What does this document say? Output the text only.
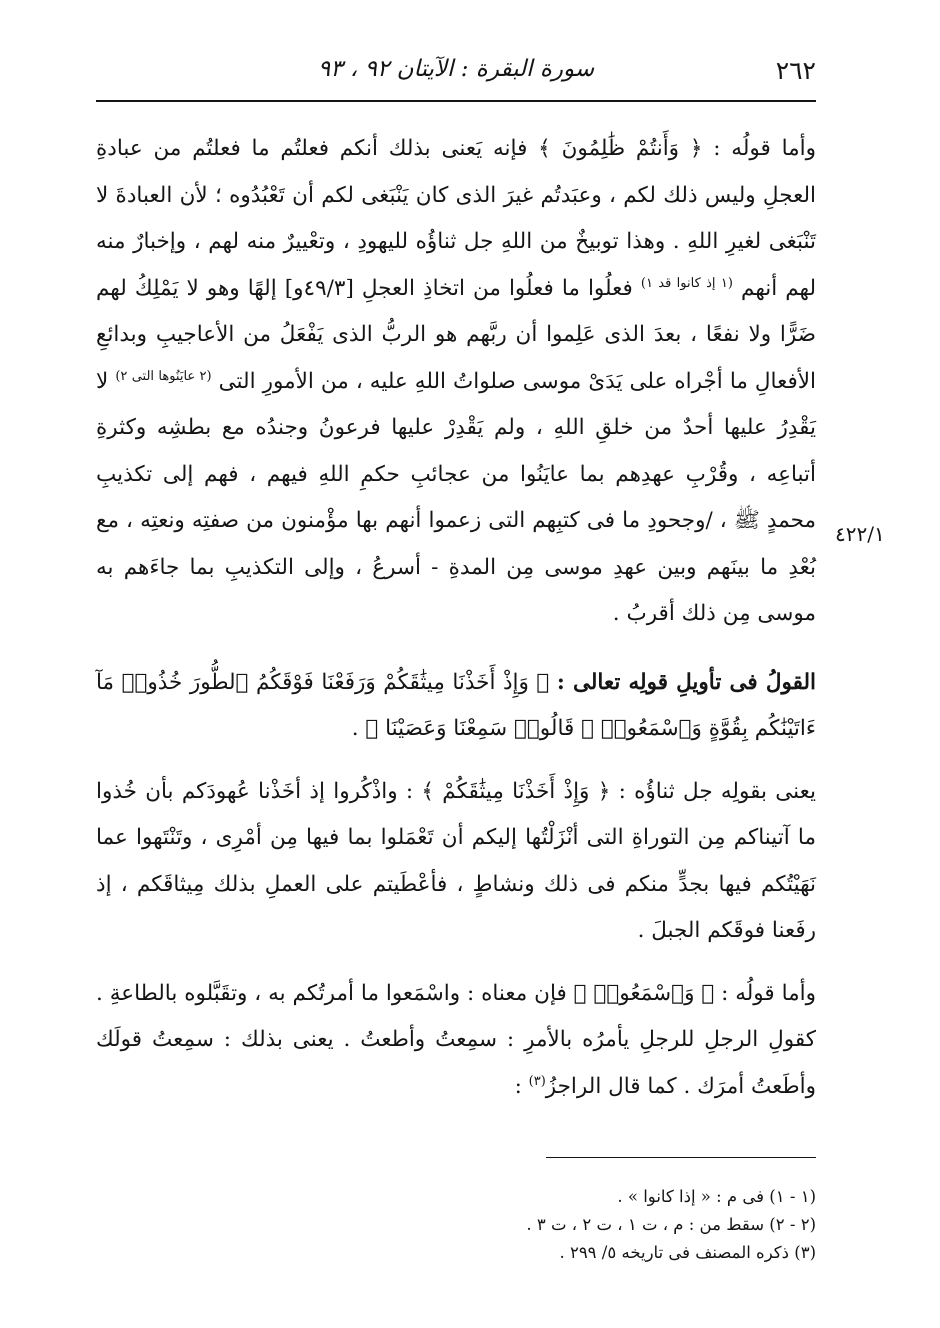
٢٦٢
سورة البقرة : الآيتان ٩٢ ، ٩٣
٤٢٢/١

وأما قولُه : ﴿ وَأَنتُمْ ظَٰلِمُونَ ﴾ فإنه يَعنى بذلك أنكم فعلتُم ما فعلتُم من عبادةِ العجلِ وليس ذلك لكم ، وعبَدتُم غيرَ الذى كان يَنْبَغى لكم أن تَعْبُدُوه ؛ لأن العبادةَ لا تَنْبَغى لغيرِ اللهِ . وهذا توبيخٌ من اللهِ جل ثناؤُه لليهودِ ، وتعْييرٌ منه لهم ، وإخبارٌ منه لهم أنهم $^{(١ إذ كانوا قد ١)}$ فعلُوا ما فعلُوا من اتخاذِ العجلِ [٤٩/٣و] إلهًا وهو لا يَمْلِكُ لهم ضَرًّا ولا نفعًا ، بعدَ الذى عَلِموا أن ربَّهم هو الربُّ الذى يَفْعَلُ من الأعاجيبِ وبدائعِ الأفعالِ ما أجْراه على يَدَىْ موسى صلواتُ اللهِ عليه ، من الأمورِ التى $^{(٢ عايَنُوها التى ٢)}$ لا يَقْدِرُ عليها أحدٌ من خلقِ اللهِ ، ولم يَقْدِرْ عليها فرعونُ وجندُه مع بطشِه وكثرةِ أتباعِه ، وقُرْبِ عهدِهم بما عايَنُوا من عجائبِ حكمِ اللهِ فيهم ، فهم إلى تكذيبِ محمدٍ ﷺ ، /وجحودِ ما فى كتبِهم التى زعموا أنهم بها مؤْمنون من صفتِه ونعتِه ، مع بُعْدِ ما بينَهم وبين عهدِ موسى مِن المدةِ - أسرعُ ، وإلى التكذيبِ بما جاءَهم به موسى مِن ذلك أقربُ .

القولُ فى تأويلِ قولِه تعالى : ﴿ وَإِذْ أَخَذْنَا مِيثَٰقَكُمْ وَرَفَعْنَا فَوْقَكُمُ ٱلطُّورَ خُذُوا۟ مَآ ءَاتَيْنَٰكُم بِقُوَّةٍ وَٱسْمَعُوا۟ ۖ قَالُوا۟ سَمِعْنَا وَعَصَيْنَا ﴾ .

يعنى بقولِه جل ثناؤُه : ﴿ وَإِذْ أَخَذْنَا مِيثَٰقَكُمْ ﴾ : واذْكُروا إذ أخَذْنا عُهودَكم بأن خُذوا ما آتيناكم مِن التوراةِ التى أنْزَلْتُها إليكم أن تَعْمَلوا بما فيها مِن أمْرِى ، وتَنْتَهوا عما نَهَيْتُكم فيها بجدٍّ منكم فى ذلك ونشاطٍ ، فأعْطَيتم على العملِ بذلك مِيثاقَكم ، إذ رفَعنا فوقَكم الجبلَ .

وأما قولُه : ﴿ وَٱسْمَعُوا۟ ﴾ فإن معناه : واسْمَعوا ما أمرتُكم به ، وتقَبَّلوه بالطاعةِ . كقولِ الرجلِ للرجلِ يأمرُه بالأمرِ : سمِعتُ وأطعتُ . يعنى بذلك : سمِعتُ قولَك وأطَعتُ أمرَك . كما قال الراجزُ$^{(٣)}$ :

(١ - ١) فى م : « إذا كانوا » .

(٢ - ٢) سقط من : م ، ت ١ ، ت ٢ ، ت ٣ .

(٣) ذكره المصنف فى تاريخه ٥/ ٢٩٩ .
